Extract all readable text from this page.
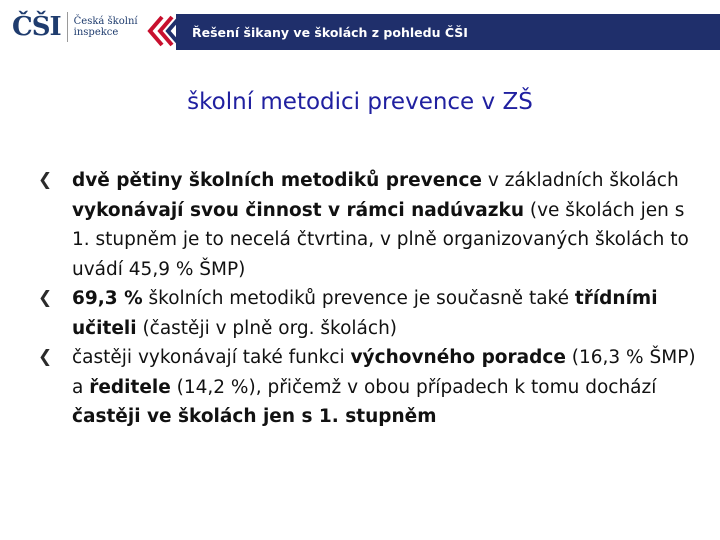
ČŠI Česká školní
inspekce	Řešení šikany ve školách z pohledu ČŠI
školní metodici prevence v ZŠ
❮ dvě pětiny školních metodiků prevence v základních školách vykonávají svou činnost v rámci nadúvazku (ve školách jen s 1. stupněm je to necelá čtvrtina, v plně organizovaných školách to uvádí 45,9 % ŠMP)
❮ 69,3 % školních metodiků prevence je současně také třídními učiteli (častěji v plně org. školách)
❮ častěji vykonávají také funkci výchovného poradce (16,3 % ŠMP) a ředitele (14,2 %), přičemž v obou případech k tomu dochází častěji ve školách jen s 1. stupněm
